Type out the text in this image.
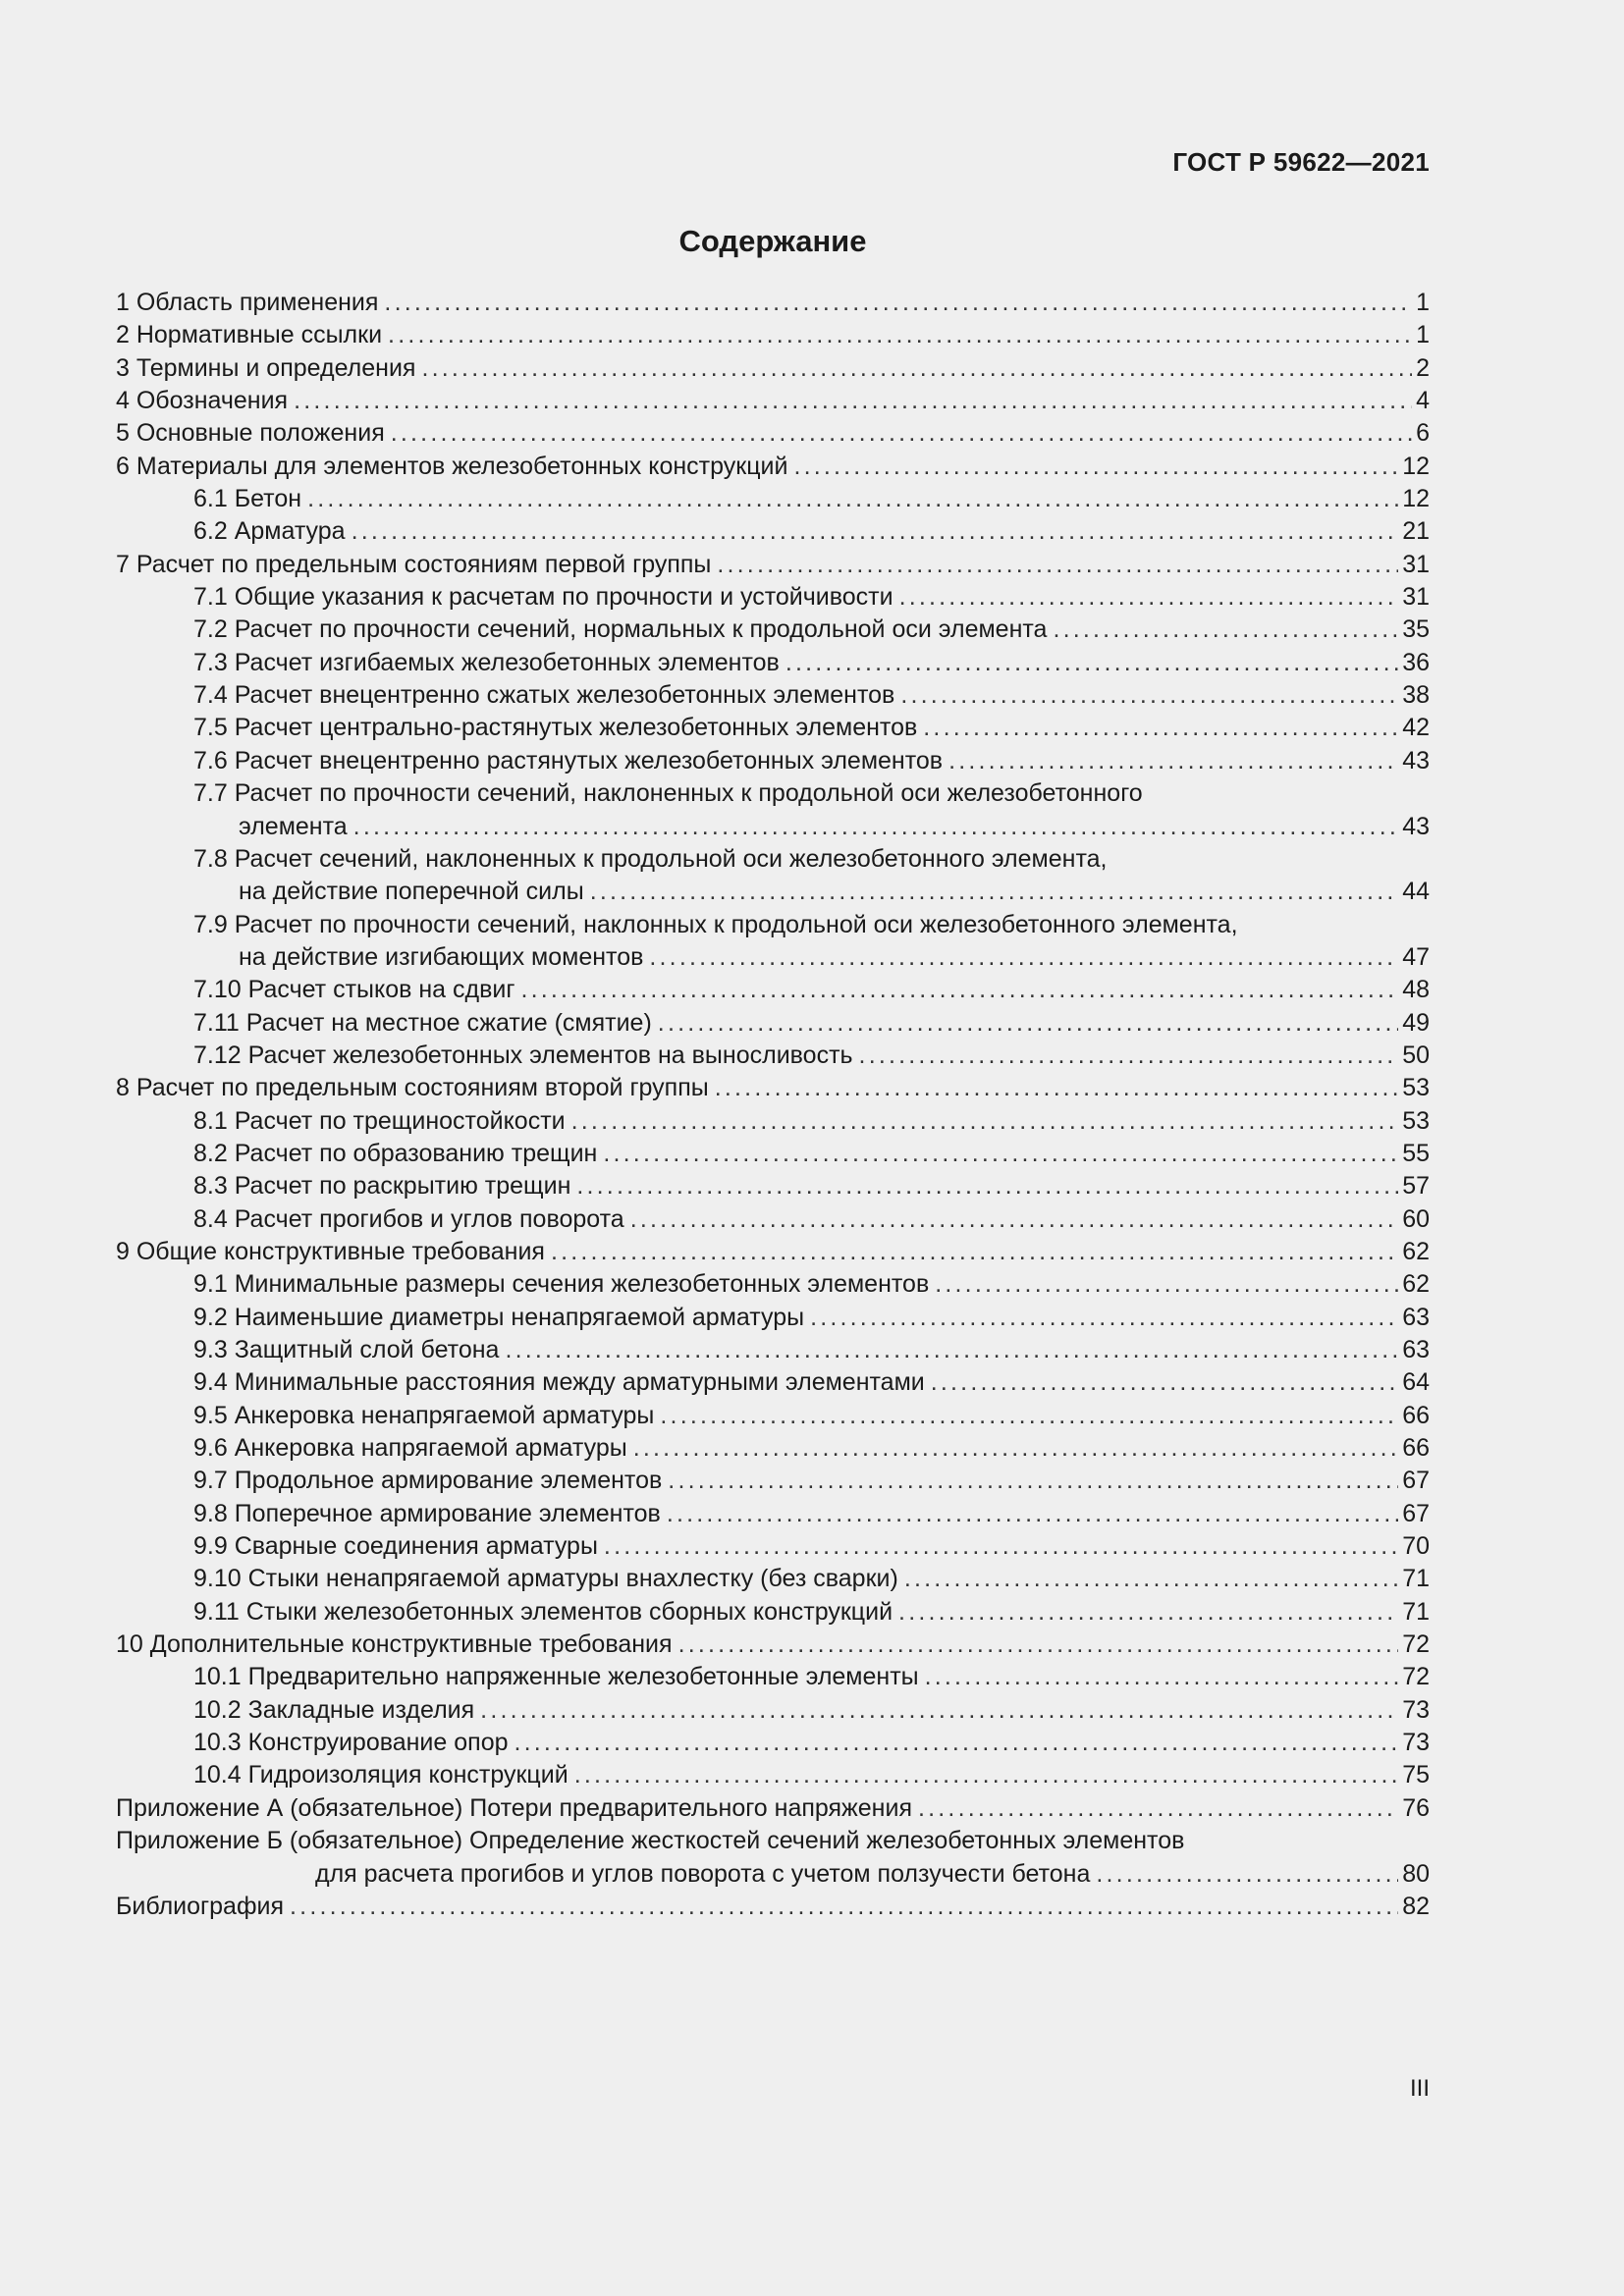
ГОСТ Р 59622—2021
Содержание
1 Область применения .....	1
2 Нормативные ссылки .....	1
3 Термины и определения .....	2
4 Обозначения .....	4
5 Основные положения .....	6
6 Материалы для элементов железобетонных конструкций .....	12
6.1 Бетон .....	12
6.2 Арматура .....	21
7 Расчет по предельным состояниям первой группы .....	31
7.1 Общие указания к расчетам по прочности и устойчивости .....	31
7.2 Расчет по прочности сечений, нормальных к продольной оси элемента .....	35
7.3 Расчет изгибаемых железобетонных элементов .....	36
7.4 Расчет внецентренно сжатых железобетонных элементов .....	38
7.5 Расчет центрально-растянутых железобетонных элементов .....	42
7.6 Расчет внецентренно растянутых железобетонных элементов .....	43
7.7 Расчет по прочности сечений, наклоненных к продольной оси железобетонного
элемента .....	43
7.8 Расчет сечений, наклоненных к продольной оси железобетонного элемента,
на действие поперечной силы .....	44
7.9 Расчет по прочности сечений, наклонных к продольной оси железобетонного элемента,
на действие изгибающих моментов .....	47
7.10 Расчет стыков на сдвиг .....	48
7.11 Расчет на местное сжатие (смятие) .....	49
7.12 Расчет железобетонных элементов на выносливость .....	50
8 Расчет по предельным состояниям второй группы .....	53
8.1 Расчет по трещиностойкости .....	53
8.2 Расчет по образованию трещин .....	55
8.3 Расчет по раскрытию трещин .....	57
8.4 Расчет прогибов и углов поворота .....	60
9 Общие конструктивные требования .....	62
9.1 Минимальные размеры сечения железобетонных элементов .....	62
9.2 Наименьшие диаметры ненапрягаемой арматуры .....	63
9.3 Защитный слой бетона .....	63
9.4 Минимальные расстояния между арматурными элементами .....	64
9.5 Анкеровка ненапрягаемой арматуры .....	66
9.6 Анкеровка напрягаемой арматуры .....	66
9.7 Продольное армирование элементов .....	67
9.8 Поперечное армирование элементов .....	67
9.9 Сварные соединения арматуры .....	70
9.10 Стыки ненапрягаемой арматуры внахлестку (без сварки) .....	71
9.11 Стыки железобетонных элементов сборных конструкций .....	71
10 Дополнительные конструктивные требования .....	72
10.1 Предварительно напряженные железобетонные элементы .....	72
10.2 Закладные изделия .....	73
10.3 Конструирование опор .....	73
10.4 Гидроизоляция конструкций .....	75
Приложение А (обязательное) Потери предварительного напряжения .....	76
Приложение Б (обязательное) Определение жесткостей сечений железобетонных элементов
для расчета прогибов и углов поворота с учетом ползучести бетона .....	80
Библиография .....	82
III
